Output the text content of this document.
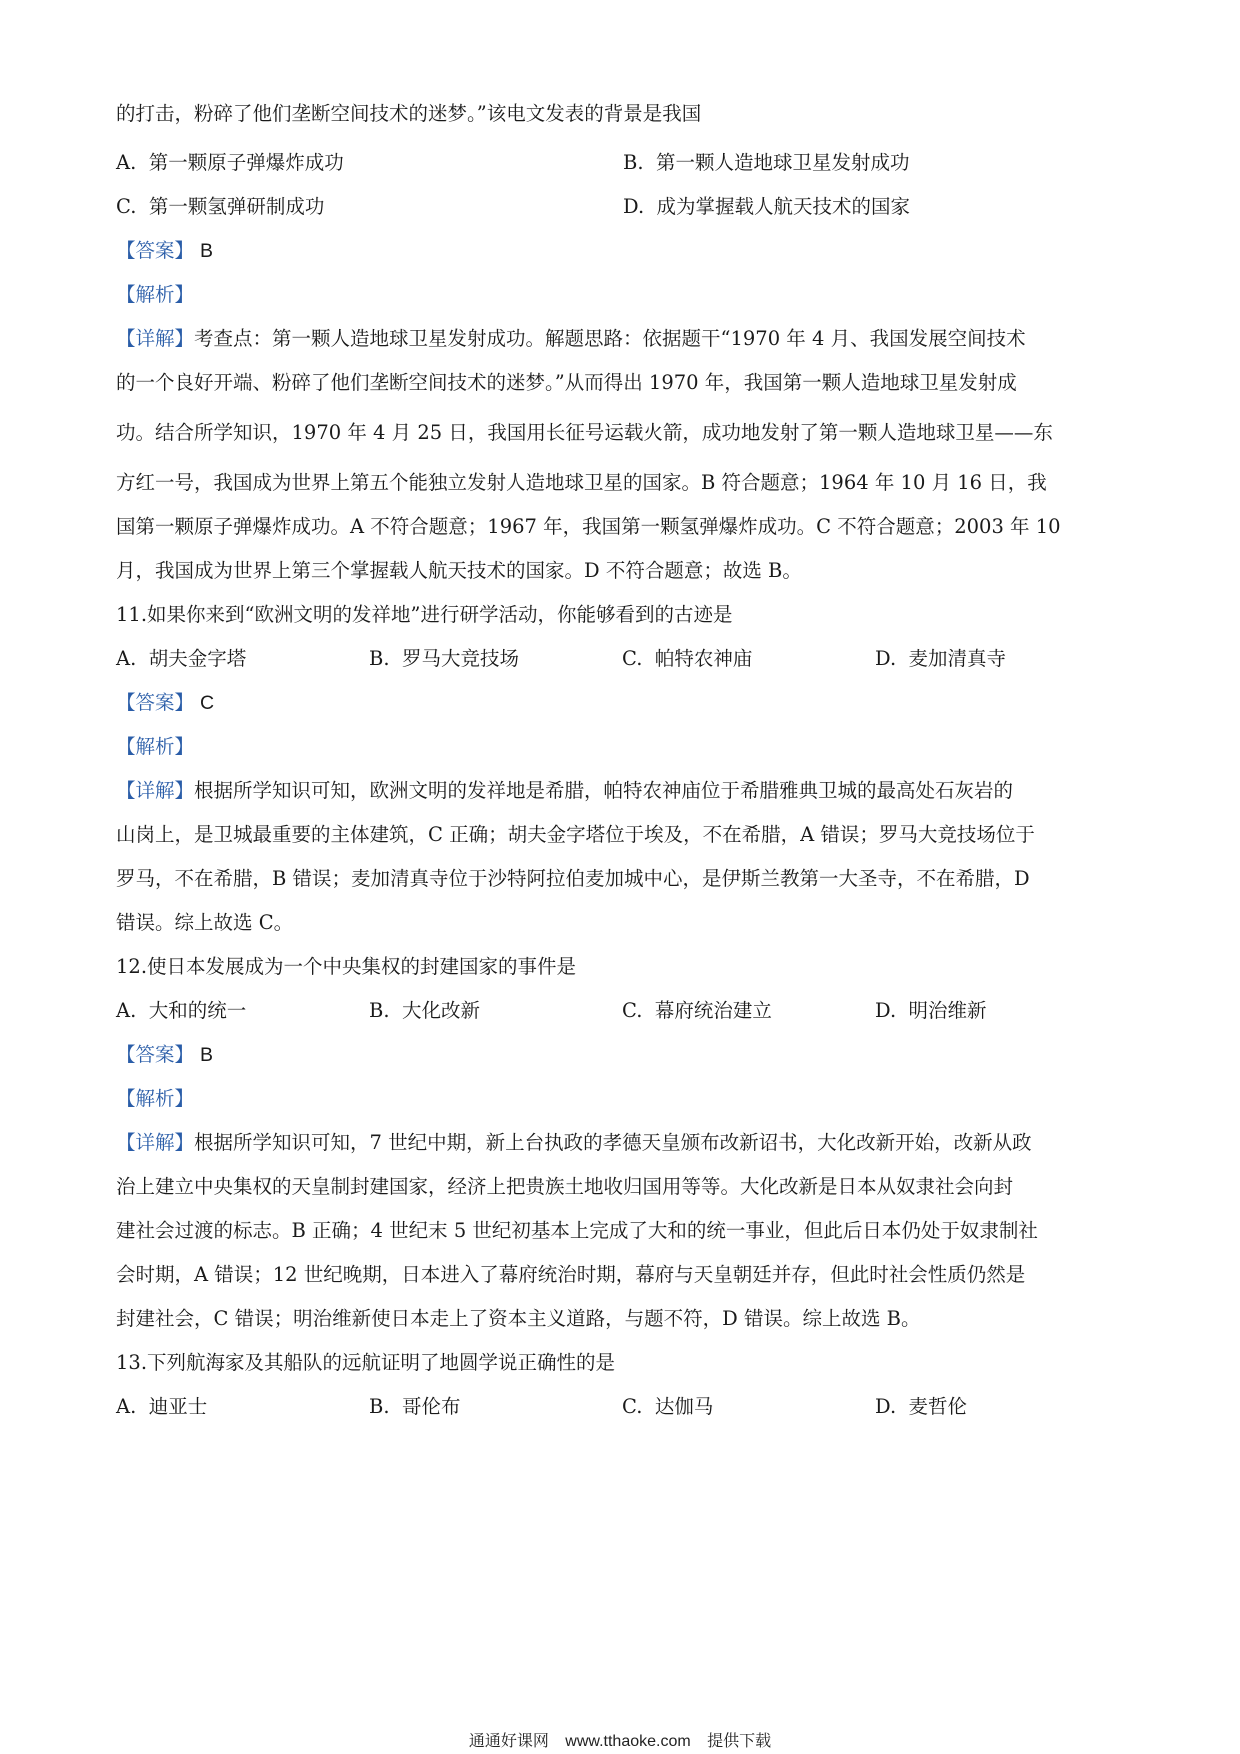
的打击，粉碎了他们垄断空间技术的迷梦。”该电文发表的背景是我国
A. 第一颗原子弹爆炸成功	B. 第一颗人造地球卫星发射成功
C. 第一颗氢弹研制成功	D. 成为掌握载人航天技术的国家
【答案】 B
【解析】
【详解】考查点：第一颗人造地球卫星发射成功。解题思路：依据题干“1970 年 4 月、我国发展空间技术
的一个良好开端、粉碎了他们垄断空间技术的迷梦。”从而得出 1970 年，我国第一颗人造地球卫星发射成
功。结合所学知识，1970 年 4 月 25 日，我国用长征号运载火箭，成功地发射了第一颗人造地球卫星——东
方红一号，我国成为世界上第五个能独立发射人造地球卫星的国家。B 符合题意；1964 年 10 月 16 日，我
国第一颗原子弹爆炸成功。A 不符合题意；1967 年，我国第一颗氢弹爆炸成功。C 不符合题意；2003 年 10
月，我国成为世界上第三个掌握载人航天技术的国家。D 不符合题意；故选 B。
11.如果你来到“欧洲文明的发祥地”进行研学活动，你能够看到的古迹是
A. 胡夫金字塔	B. 罗马大竞技场	C. 帕特农神庙	D. 麦加清真寺
【答案】 C
【解析】
【详解】根据所学知识可知，欧洲文明的发祥地是希腊，帕特农神庙位于希腊雅典卫城的最高处石灰岩的
山岗上，是卫城最重要的主体建筑，C 正确；胡夫金字塔位于埃及，不在希腊，A 错误；罗马大竞技场位于
罗马，不在希腊，B 错误；麦加清真寺位于沙特阿拉伯麦加城中心，是伊斯兰教第一大圣寺，不在希腊，D
错误。综上故选 C。
12.使日本发展成为一个中央集权的封建国家的事件是
A. 大和的统一	B. 大化改新	C. 幕府统治建立	D. 明治维新
【答案】 B
【解析】
【详解】根据所学知识可知，7 世纪中期，新上台执政的孝德天皇颁布改新诏书，大化改新开始，改新从政
治上建立中央集权的天皇制封建国家，经济上把贵族土地收归国用等等。大化改新是日本从奴隶社会向封
建社会过渡的标志。B 正确；4 世纪末 5 世纪初基本上完成了大和的统一事业，但此后日本仍处于奴隶制社
会时期，A 错误；12 世纪晚期，日本进入了幕府统治时期，幕府与天皇朝廷并存，但此时社会性质仍然是
封建社会，C 错误；明治维新使日本走上了资本主义道路，与题不符，D 错误。综上故选 B。
13.下列航海家及其船队的远航证明了地圆学说正确性的是
A. 迪亚士	B. 哥伦布	C. 达伽马	D. 麦哲伦
通通好课网 www.tthaoke.com 提供下载
